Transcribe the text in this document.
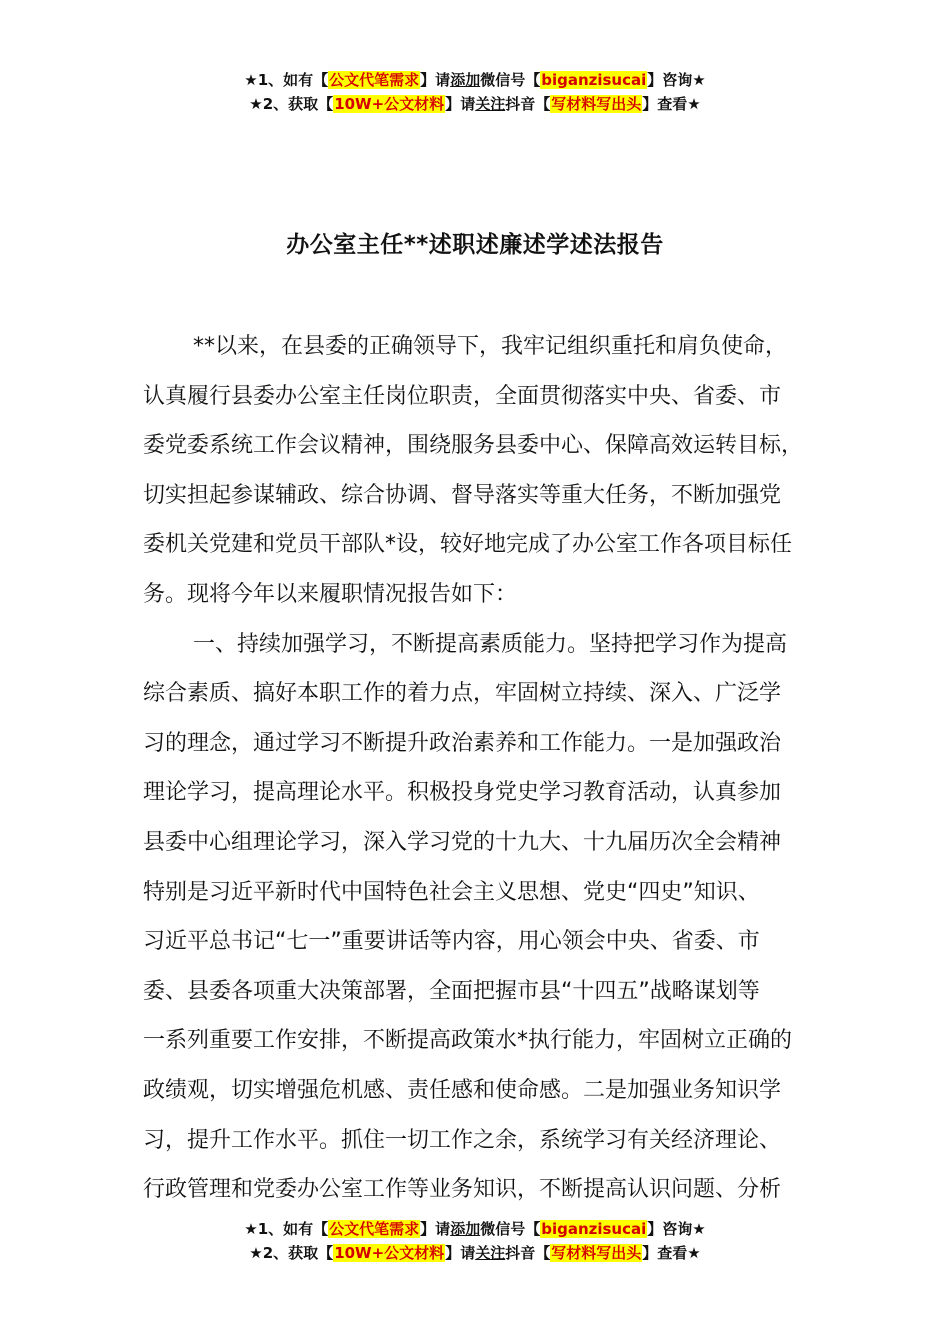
★1、如有【公文代笔需求】请添加微信号【biganzisucai】咨询★
★2、获取【10W+公文材料】请关注抖音【写材料写出头】查看★
办公室主任**述职述廉述学述法报告
**以来，在县委的正确领导下，我牢记组织重托和肩负使命，
认真履行县委办公室主任岗位职责，全面贯彻落实中央、省委、市
委党委系统工作会议精神，围绕服务县委中心、保障高效运转目标，
切实担起参谋辅政、综合协调、督导落实等重大任务，不断加强党
委机关党建和党员干部队*设，较好地完成了办公室工作各项目标任
务。现将今年以来履职情况报告如下：
一、持续加强学习，不断提高素质能力。坚持把学习作为提高
综合素质、搞好本职工作的着力点，牢固树立持续、深入、广泛学
习的理念，通过学习不断提升政治素养和工作能力。一是加强政治
理论学习，提高理论水平。积极投身党史学习教育活动，认真参加
县委中心组理论学习，深入学习党的十九大、十九届历次全会精神
特别是习近平新时代中国特色社会主义思想、党史“四史”知识、
习近平总书记“七一”重要讲话等内容，用心领会中央、省委、市
委、县委各项重大决策部署，全面把握市县“十四五”战略谋划等
一系列重要工作安排，不断提高政策水*执行能力，牢固树立正确的
政绩观，切实增强危机感、责任感和使命感。二是加强业务知识学
习，提升工作水平。抓住一切工作之余，系统学习有关经济理论、
行政管理和党委办公室工作等业务知识，不断提高认识问题、分析
★1、如有【公文代笔需求】请添加微信号【biganzisucai】咨询★
★2、获取【10W+公文材料】请关注抖音【写材料写出头】查看★
